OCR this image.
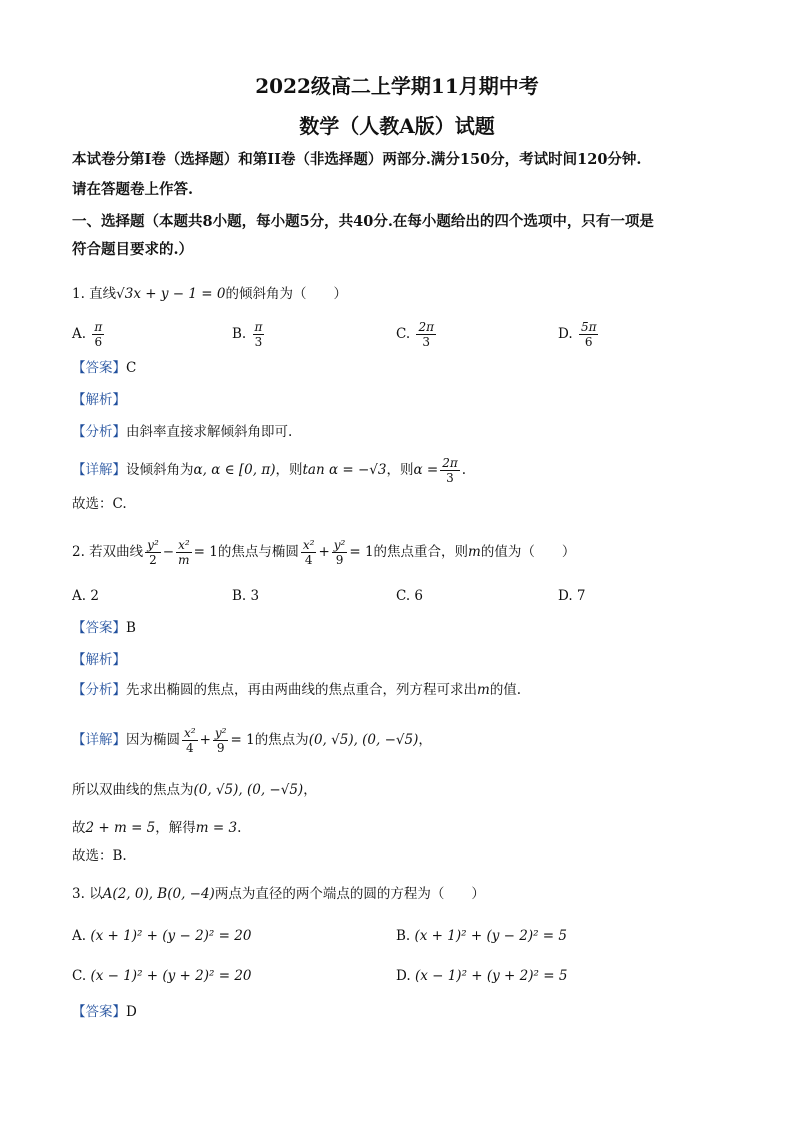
2022级高二上学期11月期中考
数学（人教A版）试题
本试卷分第I卷（选择题）和第II卷（非选择题）两部分.满分150分，考试时间120分钟.
请在答题卷上作答.
一、选择题（本题共8小题，每小题5分，共40分.在每小题给出的四个选项中，只有一项是
符合题目要求的.）
1. 直线√3x + y − 1 = 0的倾斜角为（　　）
A. $\frac{\pi}{6}$	B. $\frac{\pi}{3}$	C. $\frac{2\pi}{3}$	D. $\frac{5\pi}{6}$
【答案】C
【解析】
【分析】由斜率直接求解倾斜角即可.
【详解】设倾斜角为α, α ∈ [0, π)，则tan α = −√3，则$\alpha = \frac{2\pi}{3}$ .
故选：C.
2. 若双曲线 $\frac{\text{y²}}{2} - \frac{\text{x²}}{m} = 1$的焦点与椭圆 $\frac{\text{x²}}{4} + \frac{\text{y²}}{9} = 1$的焦点重合，则m的值为（　　）
A. 2	B. 3	C. 6	D. 7
【答案】B
【解析】
【分析】先求出椭圆的焦点，再由两曲线的焦点重合，列方程可求出m的值.
【详解】因为椭圆 $\frac{\text{x²}}{4} + \frac{\text{y²}}{9} = 1$的焦点为(0, √5), (0, −√5)，
所以双曲线的焦点为(0, √5), (0, −√5)，
故2 + m = 5，解得m = 3.
故选：B.
3. 以A(2, 0), B(0, −4)两点为直径的两个端点的圆的方程为（　　）
A. (x + 1)² + (y − 2)² = 20	B. (x + 1)² + (y − 2)² = 5
C. (x − 1)² + (y + 2)² = 20	D. (x − 1)² + (y + 2)² = 5
【答案】D
